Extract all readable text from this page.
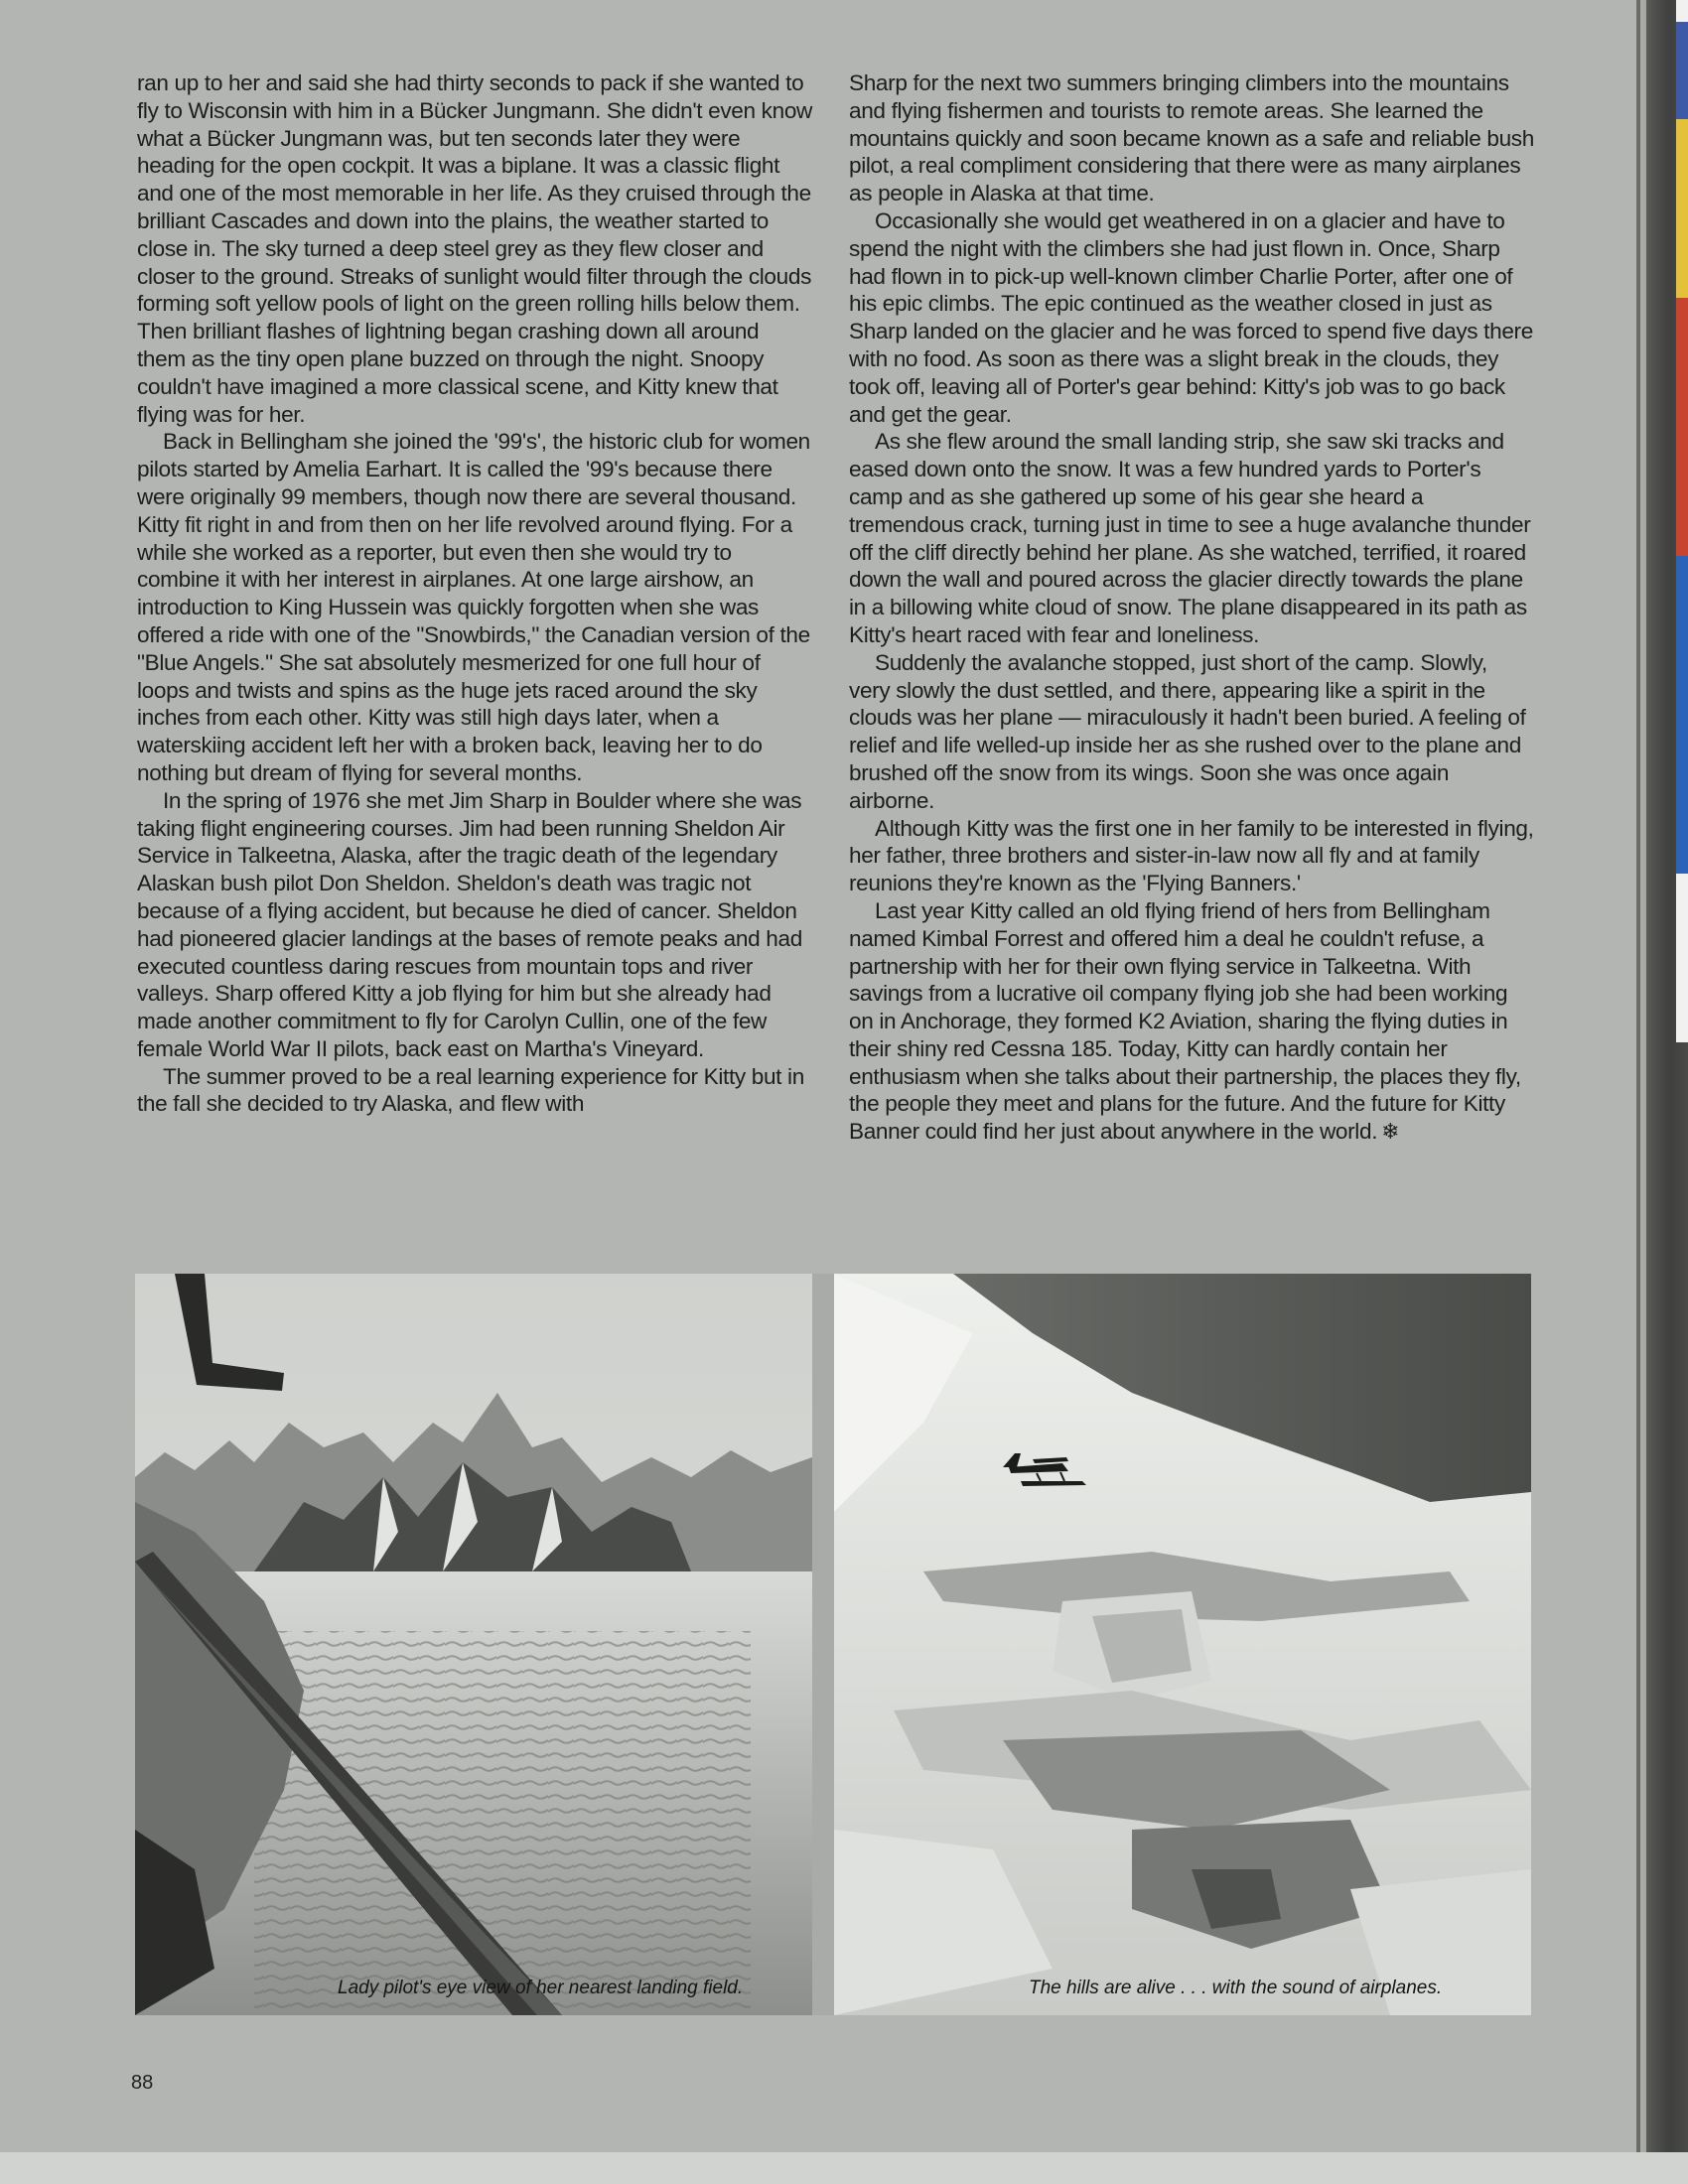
ran up to her and said she had thirty seconds to pack if she wanted to fly to Wisconsin with him in a Bücker Jungmann. She didn't even know what a Bücker Jungmann was, but ten seconds later they were heading for the open cockpit. It was a biplane. It was a classic flight and one of the most memorable in her life. As they cruised through the brilliant Cascades and down into the plains, the weather started to close in. The sky turned a deep steel grey as they flew closer and closer to the ground. Streaks of sunlight would filter through the clouds forming soft yellow pools of light on the green rolling hills below them. Then brilliant flashes of lightning began crashing down all around them as the tiny open plane buzzed on through the night. Snoopy couldn't have imagined a more classical scene, and Kitty knew that flying was for her.

Back in Bellingham she joined the '99's', the historic club for women pilots started by Amelia Earhart. It is called the '99's because there were originally 99 members, though now there are several thousand. Kitty fit right in and from then on her life revolved around flying. For a while she worked as a reporter, but even then she would try to combine it with her interest in airplanes. At one large airshow, an introduction to King Hussein was quickly forgotten when she was offered a ride with one of the "Snowbirds," the Canadian version of the "Blue Angels." She sat absolutely mesmerized for one full hour of loops and twists and spins as the huge jets raced around the sky inches from each other. Kitty was still high days later, when a waterskiing accident left her with a broken back, leaving her to do nothing but dream of flying for several months.

In the spring of 1976 she met Jim Sharp in Boulder where she was taking flight engineering courses. Jim had been running Sheldon Air Service in Talkeetna, Alaska, after the tragic death of the legendary Alaskan bush pilot Don Sheldon. Sheldon's death was tragic not because of a flying accident, but because he died of cancer. Sheldon had pioneered glacier landings at the bases of remote peaks and had executed countless daring rescues from mountain tops and river valleys. Sharp offered Kitty a job flying for him but she already had made another commitment to fly for Carolyn Cullin, one of the few female World War II pilots, back east on Martha's Vineyard.

The summer proved to be a real learning experience for Kitty but in the fall she decided to try Alaska, and flew with

Sharp for the next two summers bringing climbers into the mountains and flying fishermen and tourists to remote areas. She learned the mountains quickly and soon became known as a safe and reliable bush pilot, a real compliment considering that there were as many airplanes as people in Alaska at that time.

Occasionally she would get weathered in on a glacier and have to spend the night with the climbers she had just flown in. Once, Sharp had flown in to pick-up well-known climber Charlie Porter, after one of his epic climbs. The epic continued as the weather closed in just as Sharp landed on the glacier and he was forced to spend five days there with no food. As soon as there was a slight break in the clouds, they took off, leaving all of Porter's gear behind: Kitty's job was to go back and get the gear.

As she flew around the small landing strip, she saw ski tracks and eased down onto the snow. It was a few hundred yards to Porter's camp and as she gathered up some of his gear she heard a tremendous crack, turning just in time to see a huge avalanche thunder off the cliff directly behind her plane. As she watched, terrified, it roared down the wall and poured across the glacier directly towards the plane in a billowing white cloud of snow. The plane disappeared in its path as Kitty's heart raced with fear and loneliness.

Suddenly the avalanche stopped, just short of the camp. Slowly, very slowly the dust settled, and there, appearing like a spirit in the clouds was her plane — miraculously it hadn't been buried. A feeling of relief and life welled-up inside her as she rushed over to the plane and brushed off the snow from its wings. Soon she was once again airborne.

Although Kitty was the first one in her family to be interested in flying, her father, three brothers and sister-in-law now all fly and at family reunions they're known as the 'Flying Banners.'

Last year Kitty called an old flying friend of hers from Bellingham named Kimbal Forrest and offered him a deal he couldn't refuse, a partnership with her for their own flying service in Talkeetna. With savings from a lucrative oil company flying job she had been working on in Anchorage, they formed K2 Aviation, sharing the flying duties in their shiny red Cessna 185. Today, Kitty can hardly contain her enthusiasm when she talks about their partnership, the places they fly, the people they meet and plans for the future. And the future for Kitty Banner could find her just about anywhere in the world. ❄

Lady pilot's eye view of her nearest landing field.	The hills are alive . . . with the sound of airplanes.
88
